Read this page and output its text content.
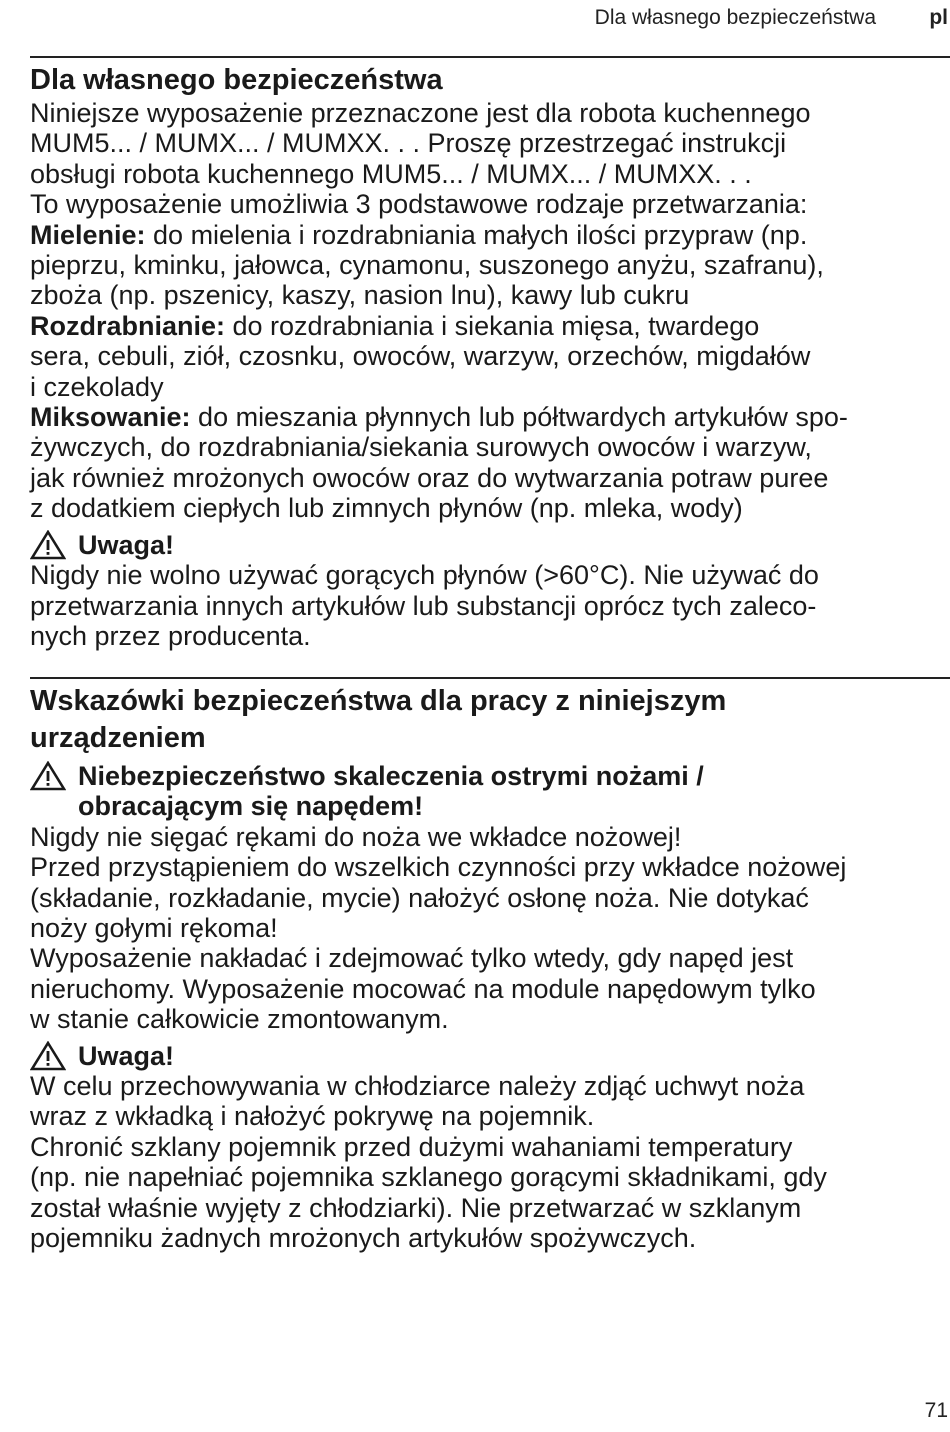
Dla własnego bezpieczeństwa	pl
Dla własnego bezpieczeństwa

Niniejsze wyposażenie przeznaczone jest dla robota kuchennego

MUM5... / MUMX... / MUMXX. . . Proszę przestrzegać instrukcji

obsługi robota kuchennego MUM5... / MUMX... / MUMXX. . .

To wyposażenie umożliwia 3 podstawowe rodzaje przetwarzania:

Mielenie: do mielenia i rozdrabniania małych ilości przypraw (np.

pieprzu, kminku, jałowca, cynamonu, suszonego anyżu, szafranu),

zboża (np. pszenicy, kaszy, nasion lnu), kawy lub cukru

Rozdrabnianie: do rozdrabniania i siekania mięsa, twardego

sera, cebuli, ziół, czosnku, owoców, warzyw, orzechów, migdałów

i czekolady

Miksowanie: do mieszania płynnych lub półtwardych artykułów spo-

żywczych, do rozdrabniania/siekania surowych owoców i warzyw,

jak również mrożonych owoców oraz do wytwarzania potraw puree

z dodatkiem ciepłych lub zimnych płynów (np. mleka, wody)

Uwaga!

Nigdy nie wolno używać gorących płynów (>60°C). Nie używać do

przetwarzania innych artykułów lub substancji oprócz tych zaleco-

nych przez producenta.

Wskazówki bezpieczeństwa dla pracy z niniejszym
urządzeniem
Niebezpieczeństwo skaleczenia ostrymi nożami /
obracającym się napędem!

Nigdy nie sięgać rękami do noża we wkładce nożowej!

Przed przystąpieniem do wszelkich czynności przy wkładce nożowej

(składanie, rozkładanie, mycie) nałożyć osłonę noża. Nie dotykać

noży gołymi rękoma!

Wyposażenie nakładać i zdejmować tylko wtedy, gdy napęd jest

nieruchomy. Wyposażenie mocować na module napędowym tylko

w stanie całkowicie zmontowanym.

Uwaga!

W celu przechowywania w chłodziarce należy zdjąć uchwyt noża

wraz z wkładką i nałożyć pokrywę na pojemnik.

Chronić szklany pojemnik przed dużymi wahaniami temperatury

(np. nie napełniać pojemnika szklanego gorącymi składnikami, gdy

został właśnie wyjęty z chłodziarki). Nie przetwarzać w szklanym

pojemniku żadnych mrożonych artykułów spożywczych.

71
